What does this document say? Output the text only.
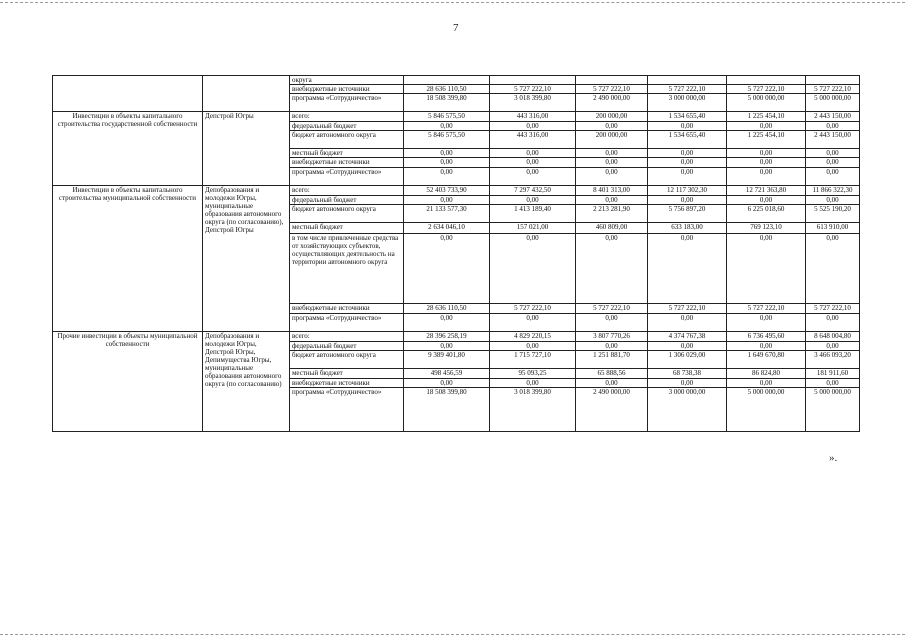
7
		округа						
		внебюджетные источники	28 636 110,50	5 727 222,10	5 727 222,10	5 727 222,10	5 727 222,10	5 727 222,10
		программа «Сотрудничество»	18 508 399,80	3 018 399,80	2 490 000,00	3 000 000,00	5 000 000,00	5 000 000,00
Инвестиции в объекты капитального строительства государственной собственности	Депстрой Югры	всего:	5 846 575,50	443 316,00	200 000,00	1 534 655,40	1 225 454,10	2 443 150,00
		федеральный бюджет	0,00	0,00	0,00	0,00	0,00	0,00
		бюджет автономного округа	5 846 575,50	443 316,00	200 000,00	1 534 655,40	1 225 454,10	2 443 150,00
		местный бюджет	0,00	0,00	0,00	0,00	0,00	0,00
		внебюджетные источники	0,00	0,00	0,00	0,00	0,00	0,00
		программа «Сотрудничество»	0,00	0,00	0,00	0,00	0,00	0,00
Инвестиции в объекты капитального строительства муниципальной собственности	Депобразования и молодежи Югры, муниципальные образования автономного округа (по согласованию), Депстрой Югры	всего:	52 403 733,90	7 297 432,50	8 401 313,00	12 117 302,30	12 721 363,80	11 866 322,30
		федеральный бюджет	0,00	0,00	0,00	0,00	0,00	0,00
		бюджет автономного округа	21 133 577,30	1 413 189,40	2 213 281,90	5 756 897,20	6 225 018,60	5 525 190,20
		местный бюджет	2 634 046,10	157 021,00	460 809,00	633 183,00	769 123,10	613 910,00
		в том числе привлеченные средства от хозяйствующих субъектов, осуществляющих деятельность на территории автономного округа	0,00	0,00	0,00	0,00	0,00	0,00
		внебюджетные источники	28 636 110,50	5 727 222,10	5 727 222,10	5 727 222,10	5 727 222,10	5 727 222,10
		программа «Сотрудничество»	0,00	0,00	0,00	0,00	0,00	0,00
Прочие инвестиции в объекты муниципальной собственности	Депобразования и молодежи Югры, Депстрой Югры, Депимущества Югры, муниципальные образования автономного округа (по согласованию)	всего:	28 396 258,19	4 829 220,15	3 807 770,26	4 374 767,38	6 736 495,60	8 648 004,80
		федеральный бюджет	0,00	0,00	0,00	0,00	0,00	0,00
		бюджет автономного округа	9 389 401,80	1 715 727,10	1 251 881,70	1 306 029,00	1 649 670,80	3 466 093,20
		местный бюджет	498 456,59	95 093,25	65 888,56	68 738,38	86 824,80	181 911,60
		внебюджетные источники	0,00	0,00	0,00	0,00	0,00	0,00
		программа «Сотрудничество»	18 508 399,80	3 018 399,80	2 490 000,00	3 000 000,00	5 000 000,00	5 000 000,00
».
